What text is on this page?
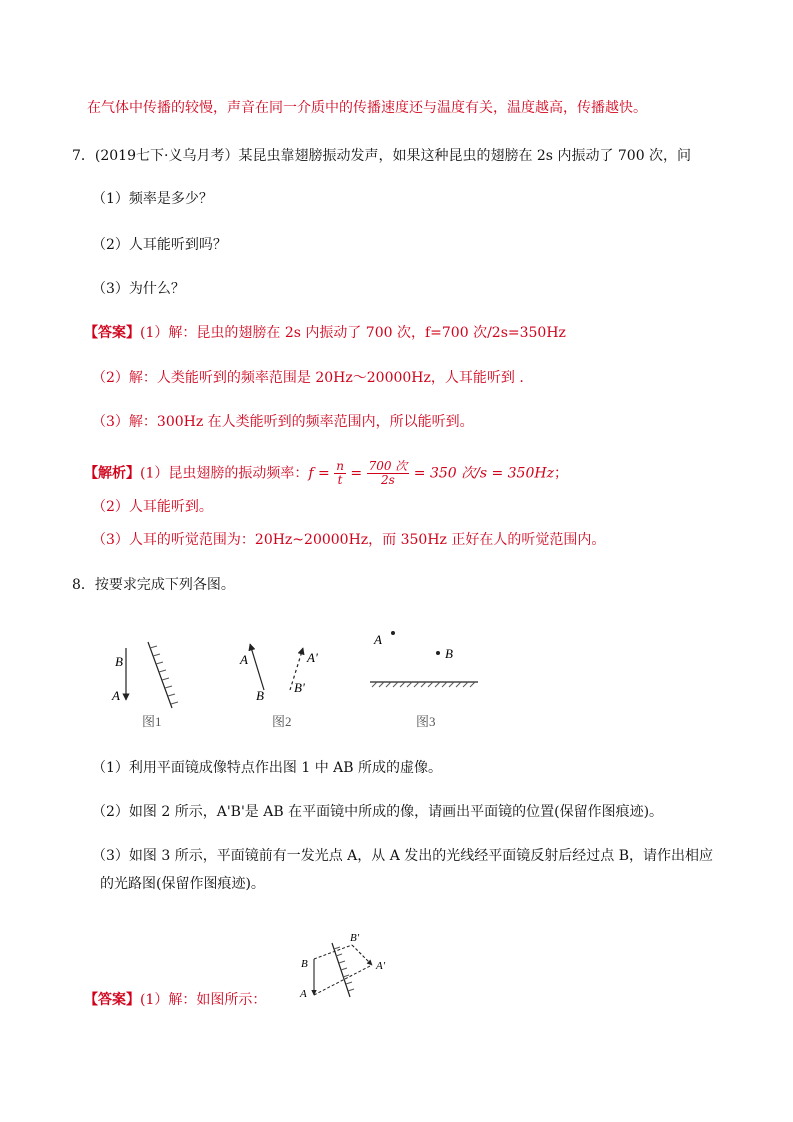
在气体中传播的较慢，声音在同一介质中的传播速度还与温度有关，温度越高，传播越快。
7．(2019七下·义乌月考）某昆虫靠翅膀振动发声，如果这种昆虫的翅膀在 2s 内振动了 700 次，问
（1）频率是多少？
（2）人耳能听到吗？
（3）为什么？
【答案】(1）解：昆虫的翅膀在 2s 内振动了 700 次，f=700 次/2s=350Hz
（2）解：人类能听到的频率范围是 20Hz～20000Hz，人耳能听到 .
（3）解：300Hz 在人类能听到的频率范围内，所以能听到。
【解析】(1）昆虫翅膀的振动频率：$f = \frac{n}{t} = \frac{\text{700 次}}{2s} = 350$ 次/s = 350Hz；
（2）人耳能听到。
（3）人耳的听觉范围为：20Hz~20000Hz，而 350Hz 正好在人的听觉范围内。
8．按要求完成下列各图。
B
A
图1
A
B
A'
B'
图2
A
B
图3
（1）利用平面镜成像特点作出图 1 中 AB 所成的虚像。
（2）如图 2 所示，A'B'是 AB 在平面镜中所成的像，请画出平面镜的位置(保留作图痕迹)。
（3）如图 3 所示，平面镜前有一发光点 A，从 A 发出的光线经平面镜反射后经过点 B，请作出相应
的光路图(保留作图痕迹)。
B
A
B'
A'
【答案】(1）解：如图所示：
